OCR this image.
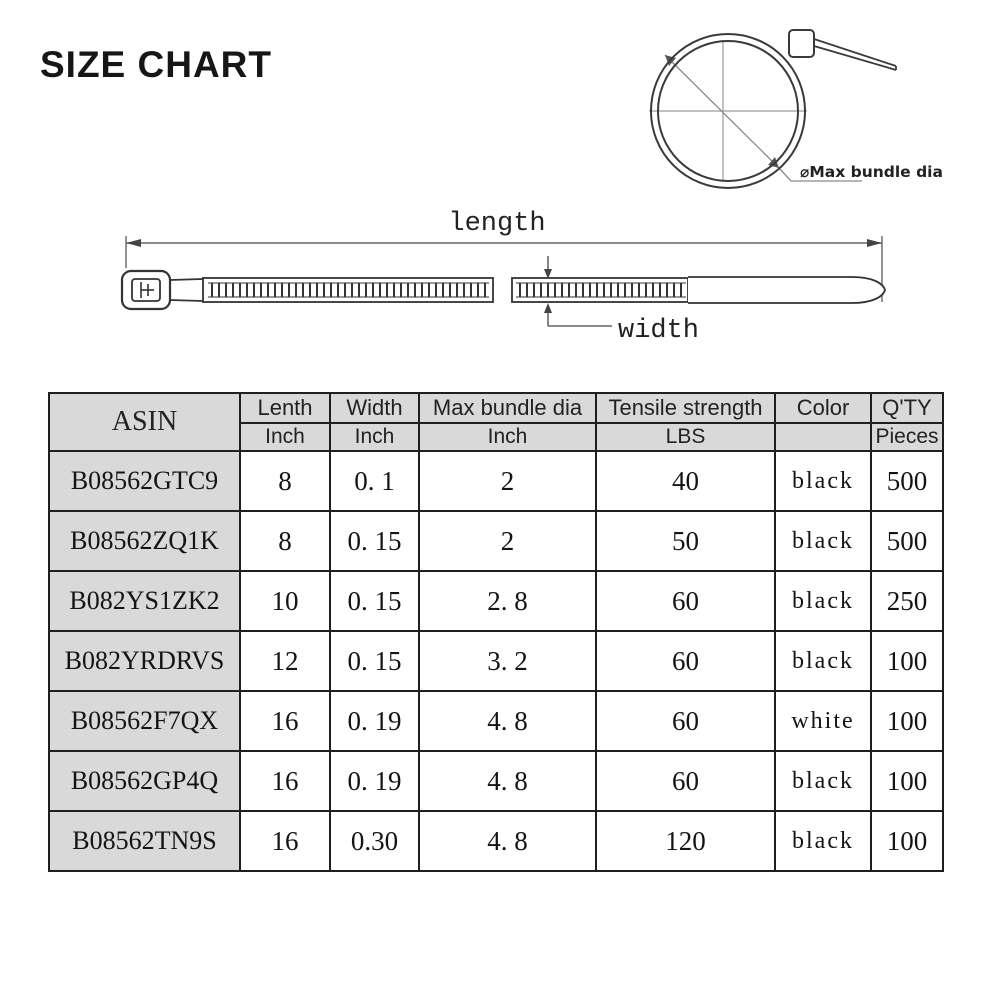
SIZE CHART
⌀Max bundle dia
length
width
ASIN	Lenth	Width	Max bundle dia	Tensile strength	Color	Q'TY
	Inch	Inch	Inch	LBS		Pieces
B08562GTC9	8	0. 1	2	40	black	500
B08562ZQ1K	8	0. 15	2	50	black	500
B082YS1ZK2	10	0. 15	2. 8	60	black	250
B082YRDRVS	12	0. 15	3. 2	60	black	100
B08562F7QX	16	0. 19	4. 8	60	white	100
B08562GP4Q	16	0. 19	4. 8	60	black	100
B08562TN9S	16	0.30	4. 8	120	black	100
